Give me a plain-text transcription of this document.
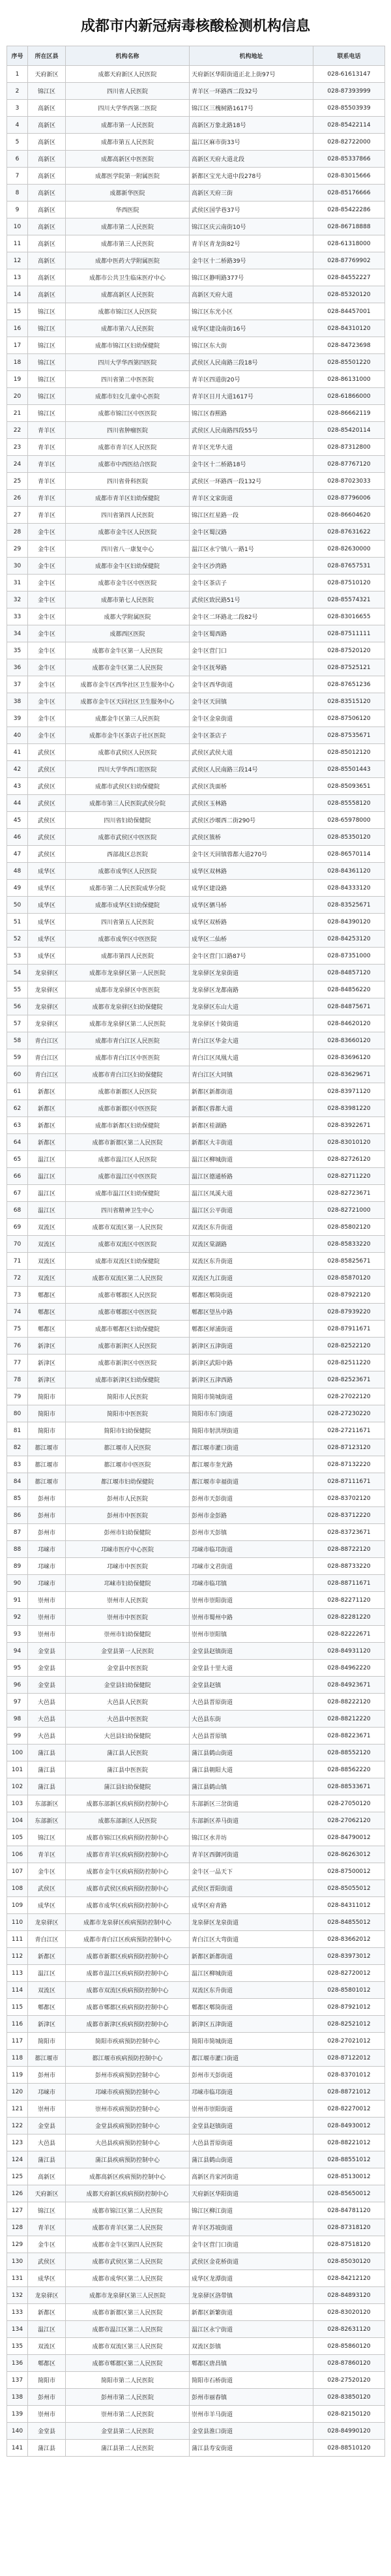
成都市内新冠病毒核酸检测机构信息
序号	所在区县	机构名称	机构地址	联系电话
1	天府新区	成都天府新区人民医院	天府新区华阳街道正北上街97号	028-61613147
2	锦江区	四川省人民医院	青羊区一环路西二段32号	028-87393999
3	高新区	四川大学华西第二医院	锦江区三槐树路1617号	028-85503939
4	高新区	成都市第一人民医院	高新区万象北路18号	028-85422114
5	高新区	成都市第五人民医院	温江区麻市街33号	028-82722000
6	高新区	成都高新区中医医院	高新区天府大道北段	028-85337866
7	高新区	成都医学院第一附属医院	新都区宝光大道中段278号	028-83015666
8	高新区	成都新华医院	高新区天府三街	028-85176666
9	高新区	华西医院	武侯区国学巷37号	028-85422286
10	高新区	成都市第二人民医院	锦江区庆云南街10号	028-86718888
11	高新区	成都市第三人民医院	青羊区青龙街82号	028-61318000
12	高新区	成都中医药大学附属医院	金牛区十二桥路39号	028-87769902
13	高新区	成都市公共卫生临床医疗中心	锦江区静明路377号	028-84552227
14	高新区	成都高新区人民医院	高新区天府大道	028-85320120
15	锦江区	成都市锦江区人民医院	锦江区东光小区	028-84457001
16	锦江区	成都市第六人民医院	成华区建设南街16号	028-84310120
17	锦江区	成都市锦江区妇幼保健院	锦江区东大街	028-84723698
18	锦江区	四川大学华西第四医院	武侯区人民南路三段18号	028-85501220
19	锦江区	四川省第二中医医院	青羊区四道街20号	028-86131000
20	锦江区	成都市妇女儿童中心医院	青羊区日月大道1617号	028-61866000
21	锦江区	成都市锦江区中医医院	锦江区春熙路	028-86662119
22	青羊区	四川省肿瘤医院	武侯区人民南路四段55号	028-85420114
23	青羊区	成都市青羊区人民医院	青羊区光华大道	028-87312800
24	青羊区	成都市中西医结合医院	金牛区十二桥路18号	028-87767120
25	青羊区	四川省骨科医院	武侯区一环路西一段132号	028-87023033
26	青羊区	成都市青羊区妇幼保健院	青羊区文家街道	028-87796006
27	青羊区	四川省第四人民医院	锦江区红星路一段	028-86604620
28	金牛区	成都市金牛区人民医院	金牛区蜀汉路	028-87631622
29	金牛区	四川省八一康复中心	温江区永宁镇八一路1号	028-82630000
30	金牛区	成都市金牛区妇幼保健院	金牛区沙湾路	028-87657531
31	金牛区	成都市金牛区中医医院	金牛区茶店子	028-87510120
32	金牛区	成都市第七人民医院	武侯区致民路51号	028-85574321
33	金牛区	成都大学附属医院	金牛区二环路北二段82号	028-83016655
34	金牛区	成都西区医院	金牛区蜀西路	028-87511111
35	金牛区	成都市金牛区第一人民医院	金牛区营门口	028-87520120
36	金牛区	成都市金牛区第二人民医院	金牛区抚琴路	028-87525121
37	金牛区	成都市金牛区西华社区卫生服务中心	金牛区西华街道	028-87651236
38	金牛区	成都市金牛区天回社区卫生服务中心	金牛区天回镇	028-83515120
39	金牛区	成都金牛区第三人民医院	金牛区金泉街道	028-87506120
40	金牛区	成都市金牛区茶店子社区医院	金牛区茶店子	028-87535671
41	武侯区	成都市武侯区人民医院	武侯区武侯大道	028-85012120
42	武侯区	四川大学华西口腔医院	武侯区人民南路三段14号	028-85501443
43	武侯区	成都市武侯区妇幼保健院	武侯区洗面桥	028-85093651
44	武侯区	成都市第三人民医院武侯分院	武侯区玉林路	028-85558120
45	武侯区	四川省妇幼保健院	武侯区沙堰西二街290号	028-65978000
46	武侯区	成都市武侯区中医医院	武侯区簇桥	028-85350120
47	武侯区	西部战区总医院	金牛区天回镇蓉都大道270号	028-86570114
48	成华区	成都市成华区人民医院	成华区双林路	028-84361120
49	成华区	成都市第二人民医院成华分院	成华区建设路	028-84333120
50	成华区	成都市成华区妇幼保健院	成华区驷马桥	028-83525671
51	成华区	四川省第五人民医院	成华区双桥路	028-84390120
52	成华区	成都市成华区中医医院	成华区二仙桥	028-84253120
53	成华区	成都市第四人民医院	金牛区营门口路87号	028-87351000
54	龙泉驿区	成都市龙泉驿区第一人民医院	龙泉驿区龙泉街道	028-84857120
55	龙泉驿区	成都市龙泉驿区中医医院	龙泉驿区龙都南路	028-84856220
56	龙泉驿区	成都市龙泉驿区妇幼保健院	龙泉驿区东山大道	028-84875671
57	龙泉驿区	成都市龙泉驿区第二人民医院	龙泉驿区十陵街道	028-84620120
58	青白江区	成都市青白江区人民医院	青白江区华金大道	028-83660120
59	青白江区	成都市青白江区中医医院	青白江区凤凰大道	028-83696120
60	青白江区	成都市青白江区妇幼保健院	青白江区大同镇	028-83629671
61	新都区	成都市新都区人民医院	新都区新都街道	028-83971120
62	新都区	成都市新都区中医医院	新都区蓉都大道	028-83981220
63	新都区	成都市新都区妇幼保健院	新都区桂湖路	028-83922671
64	新都区	成都市新都区第二人民医院	新都区大丰街道	028-83010120
65	温江区	成都市温江区人民医院	温江区柳城街道	028-82726120
66	温江区	成都市温江区中医医院	温江区德通桥路	028-82711220
67	温江区	成都市温江区妇幼保健院	温江区凤溪大道	028-82723671
68	温江区	四川省精神卫生中心	温江区公平街道	028-82721000
69	双流区	成都市双流区第一人民医院	双流区东升街道	028-85802120
70	双流区	成都市双流区中医医院	双流区棠湖路	028-85833220
71	双流区	成都市双流区妇幼保健院	双流区东升街道	028-85825671
72	双流区	成都市双流区第二人民医院	双流区九江街道	028-85870120
73	郫都区	成都市郫都区人民医院	郫都区郫筒街道	028-87922120
74	郫都区	成都市郫都区中医医院	郫都区望丛中路	028-87939220
75	郫都区	成都市郫都区妇幼保健院	郫都区犀浦街道	028-87911671
76	新津区	成都市新津区人民医院	新津区五津街道	028-82522120
77	新津区	成都市新津区中医医院	新津区武阳中路	028-82511220
78	新津区	成都市新津区妇幼保健院	新津区五津西路	028-82523671
79	简阳市	简阳市人民医院	简阳市简城街道	028-27022120
80	简阳市	简阳市中医医院	简阳市东门街道	028-27230220
81	简阳市	简阳市妇幼保健院	简阳市射洪坝街道	028-27211671
82	都江堰市	都江堰市人民医院	都江堰市灌口街道	028-87123120
83	都江堰市	都江堰市中医医院	都江堰市奎光路	028-87132220
84	都江堰市	都江堰市妇幼保健院	都江堰市幸福街道	028-87111671
85	彭州市	彭州市人民医院	彭州市天彭街道	028-83702120
86	彭州市	彭州市中医医院	彭州市金彭路	028-83712220
87	彭州市	彭州市妇幼保健院	彭州市天彭镇	028-83723671
88	邛崃市	邛崃市医疗中心医院	邛崃市临邛街道	028-88722120
89	邛崃市	邛崃市中医医院	邛崃市文君街道	028-88733220
90	邛崃市	邛崃市妇幼保健院	邛崃市临邛镇	028-88711671
91	崇州市	崇州市人民医院	崇州市崇阳街道	028-82271120
92	崇州市	崇州市中医医院	崇州市蜀州中路	028-82281220
93	崇州市	崇州市妇幼保健院	崇州市崇阳镇	028-82222671
94	金堂县	金堂县第一人民医院	金堂县赵镇街道	028-84931120
95	金堂县	金堂县中医医院	金堂县十里大道	028-84962220
96	金堂县	金堂县妇幼保健院	金堂县赵镇	028-84923671
97	大邑县	大邑县人民医院	大邑县晋原街道	028-88222120
98	大邑县	大邑县中医医院	大邑县东街	028-88212220
99	大邑县	大邑县妇幼保健院	大邑县晋原镇	028-88223671
100	蒲江县	蒲江县人民医院	蒲江县鹤山街道	028-88552120
101	蒲江县	蒲江县中医医院	蒲江县朝阳大道	028-88562220
102	蒲江县	蒲江县妇幼保健院	蒲江县鹤山镇	028-88533671
103	东部新区	成都东部新区疾病预防控制中心	东部新区三岔街道	028-27050120
104	东部新区	成都东部新区人民医院	东部新区养马街道	028-27062120
105	锦江区	成都市锦江区疾病预防控制中心	锦江区水井坊	028-84790012
106	青羊区	成都市青羊区疾病预防控制中心	青羊区西御河街道	028-86263012
107	金牛区	成都市金牛区疾病预防控制中心	金牛区一品天下	028-87500012
108	武侯区	成都市武侯区疾病预防控制中心	武侯区晋阳街道	028-85055012
109	成华区	成都市成华区疾病预防控制中心	成华区府青路	028-84311012
110	龙泉驿区	成都市龙泉驿区疾病预防控制中心	龙泉驿区龙泉街道	028-84855012
111	青白江区	成都市青白江区疾病预防控制中心	青白江区大弯街道	028-83662012
112	新都区	成都市新都区疾病预防控制中心	新都区新都街道	028-83973012
113	温江区	成都市温江区疾病预防控制中心	温江区柳城街道	028-82720012
114	双流区	成都市双流区疾病预防控制中心	双流区东升街道	028-85801012
115	郫都区	成都市郫都区疾病预防控制中心	郫都区郫筒街道	028-87921012
116	新津区	成都市新津区疾病预防控制中心	新津区五津街道	028-82521012
117	简阳市	简阳市疾病预防控制中心	简阳市简城街道	028-27021012
118	都江堰市	都江堰市疾病预防控制中心	都江堰市灌口街道	028-87122012
119	彭州市	彭州市疾病预防控制中心	彭州市天彭街道	028-83701012
120	邛崃市	邛崃市疾病预防控制中心	邛崃市临邛街道	028-88721012
121	崇州市	崇州市疾病预防控制中心	崇州市崇阳街道	028-82270012
122	金堂县	金堂县疾病预防控制中心	金堂县赵镇街道	028-84930012
123	大邑县	大邑县疾病预防控制中心	大邑县晋原街道	028-88221012
124	蒲江县	蒲江县疾病预防控制中心	蒲江县鹤山街道	028-88551012
125	高新区	成都高新区疾病预防控制中心	高新区肖家河街道	028-85130012
126	天府新区	成都天府新区疾病预防控制中心	天府新区华阳街道	028-85650012
127	锦江区	成都市锦江区第二人民医院	锦江区柳江街道	028-84781120
128	青羊区	成都市青羊区第二人民医院	青羊区苏坡街道	028-87318120
129	金牛区	成都市金牛区第四人民医院	金牛区营门口街道	028-87518120
130	武侯区	成都市武侯区第二人民医院	武侯区金花桥街道	028-85030120
131	成华区	成都市成华区第二人民医院	成华区龙潭街道	028-84212120
132	龙泉驿区	成都市龙泉驿区第三人民医院	龙泉驿区洛带镇	028-84893120
133	新都区	成都市新都区第三人民医院	新都区新繁街道	028-83020120
134	温江区	成都市温江区第二人民医院	温江区永宁街道	028-82631120
135	双流区	成都市双流区第三人民医院	双流区彭镇	028-85860120
136	郫都区	成都市郫都区第二人民医院	郫都区唐昌镇	028-87860120
137	简阳市	简阳市第二人民医院	简阳市石桥街道	028-27520120
138	彭州市	彭州市第二人民医院	彭州市丽春镇	028-83850120
139	崇州市	崇州市第二人民医院	崇州市羊马街道	028-82150120
140	金堂县	金堂县第二人民医院	金堂县淮口街道	028-84990120
141	蒲江县	蒲江县第二人民医院	蒲江县寿安街道	028-88510120
